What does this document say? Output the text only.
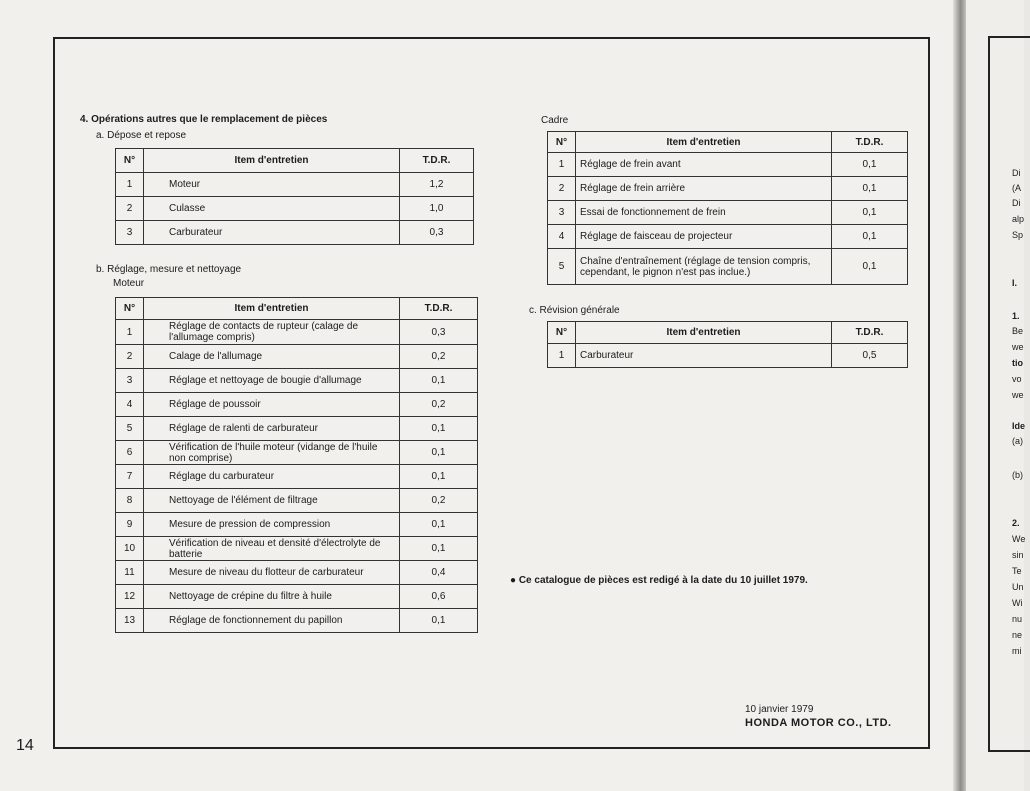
14
4. Opérations autres que le remplacement de pièces
a. Dépose et repose
N°	Item d'entretien	T.D.R.
1	Moteur	1,2
2	Culasse	1,0
3	Carburateur	0,3
b. Réglage, mesure et nettoyage
Moteur
N°	Item d'entretien	T.D.R.
1	Réglage de contacts de rupteur (calage de l'allumage compris)	0,3
2	Calage de l'allumage	0,2
3	Réglage et nettoyage de bougie d'allumage	0,1
4	Réglage de poussoir	0,2
5	Réglage de ralenti de carburateur	0,1
6	Vérification de l'huile moteur (vidange de l'huile non comprise)	0,1
7	Réglage du carburateur	0,1
8	Nettoyage de l'élément de filtrage	0,2
9	Mesure de pression de compression	0,1
10	Vérification de niveau et densité d'électrolyte de batterie	0,1
11	Mesure de niveau du flotteur de carburateur	0,4
12	Nettoyage de crépine du filtre à huile	0,6
13	Réglage de fonctionnement du papillon	0,1
Cadre
N°	Item d'entretien	T.D.R.
1	Réglage de frein avant	0,1
2	Réglage de frein arrière	0,1
3	Essai de fonctionnement de frein	0,1
4	Réglage de faisceau de projecteur	0,1
5	Chaîne d'entraînement (réglage de tension compris, cependant, le pignon n'est pas inclue.)	0,1
c. Révision générale
N°	Item d'entretien	T.D.R.
1	Carburateur	0,5
● Ce catalogue de pièces est redigé à la date du 10 juillet 1979.
10 janvier 1979
HONDA MOTOR CO., LTD.
Di
(A
Di
alp
Sp
I.
1.
Be
we
tio
vo
we
Ide
(a)
(b)
2.
We
sin
Te
Un
Wi
nu
ne
mi
